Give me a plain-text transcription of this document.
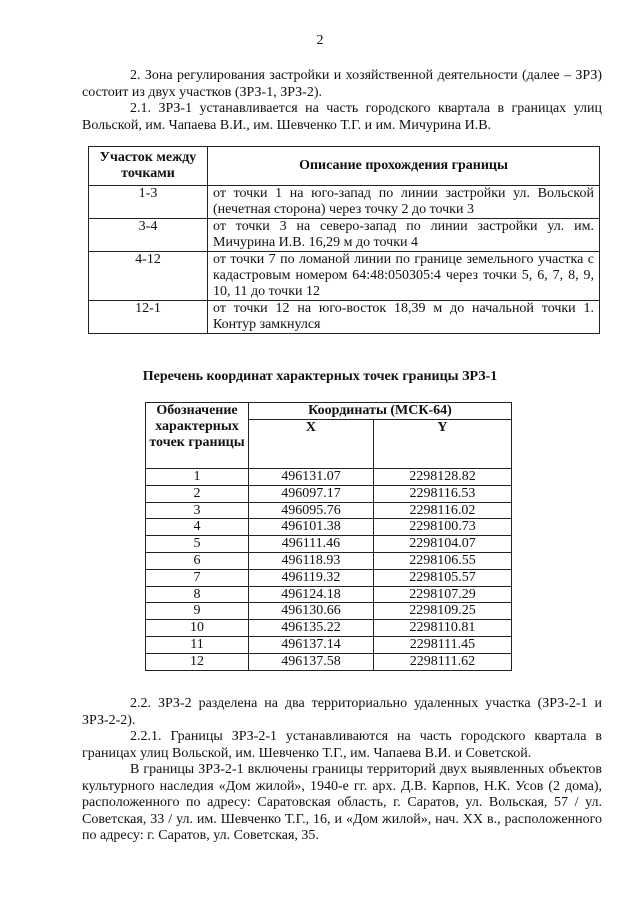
2

2. Зона регулирования застройки и хозяйственной деятельности (далее – ЗРЗ) состоит из двух участков (ЗРЗ-1, ЗРЗ-2).

2.1. ЗРЗ-1 устанавливается на часть городского квартала в границах улиц Вольской, им. Чапаева В.И., им. Шевченко Т.Г. и им. Мичурина И.В.

Участок между точками	Описание прохождения границы
1-3	от точки 1 на юго-запад по линии застройки ул. Вольской (нечетная сторона) через точку 2 до точки 3
3-4	от точки 3 на северо-запад по линии застройки ул. им. Мичурина И.В. 16,29 м до точки 4
4-12	от точки 7 по ломаной линии по границе земельного участка с кадастровым номером 64:48:050305:4 через точки 5, 6, 7, 8, 9, 10, 11 до точки 12
12-1	от точки 12 на юго-восток 18,39 м до начальной точки 1. Контур замкнулся
Перечень координат характерных точек границы ЗРЗ-1
Обозначение характерных точек границы	Координаты (МСК-64)	
	X	Y
1	496131.07	2298128.82
2	496097.17	2298116.53
3	496095.76	2298116.02
4	496101.38	2298100.73
5	496111.46	2298104.07
6	496118.93	2298106.55
7	496119.32	2298105.57
8	496124.18	2298107.29
9	496130.66	2298109.25
10	496135.22	2298110.81
11	496137.14	2298111.45
12	496137.58	2298111.62

2.2. ЗРЗ-2 разделена на два территориально удаленных участка (ЗРЗ-2-1 и ЗРЗ-2-2).

2.2.1. Границы ЗРЗ-2-1 устанавливаются на часть городского квартала в границах улиц Вольской, им. Шевченко Т.Г., им. Чапаева В.И. и Советской.

В границы ЗРЗ-2-1 включены границы территорий двух выявленных объектов культурного наследия «Дом жилой», 1940-е гг. арх. Д.В. Карпов, Н.К. Усов (2 дома), расположенного по адресу: Саратовская область, г. Саратов, ул. Вольская, 57 / ул. Советская, 33 / ул. им. Шевченко Т.Г., 16, и «Дом жилой», нач. XX в., расположенного по адресу: г. Саратов, ул. Советская, 35.
